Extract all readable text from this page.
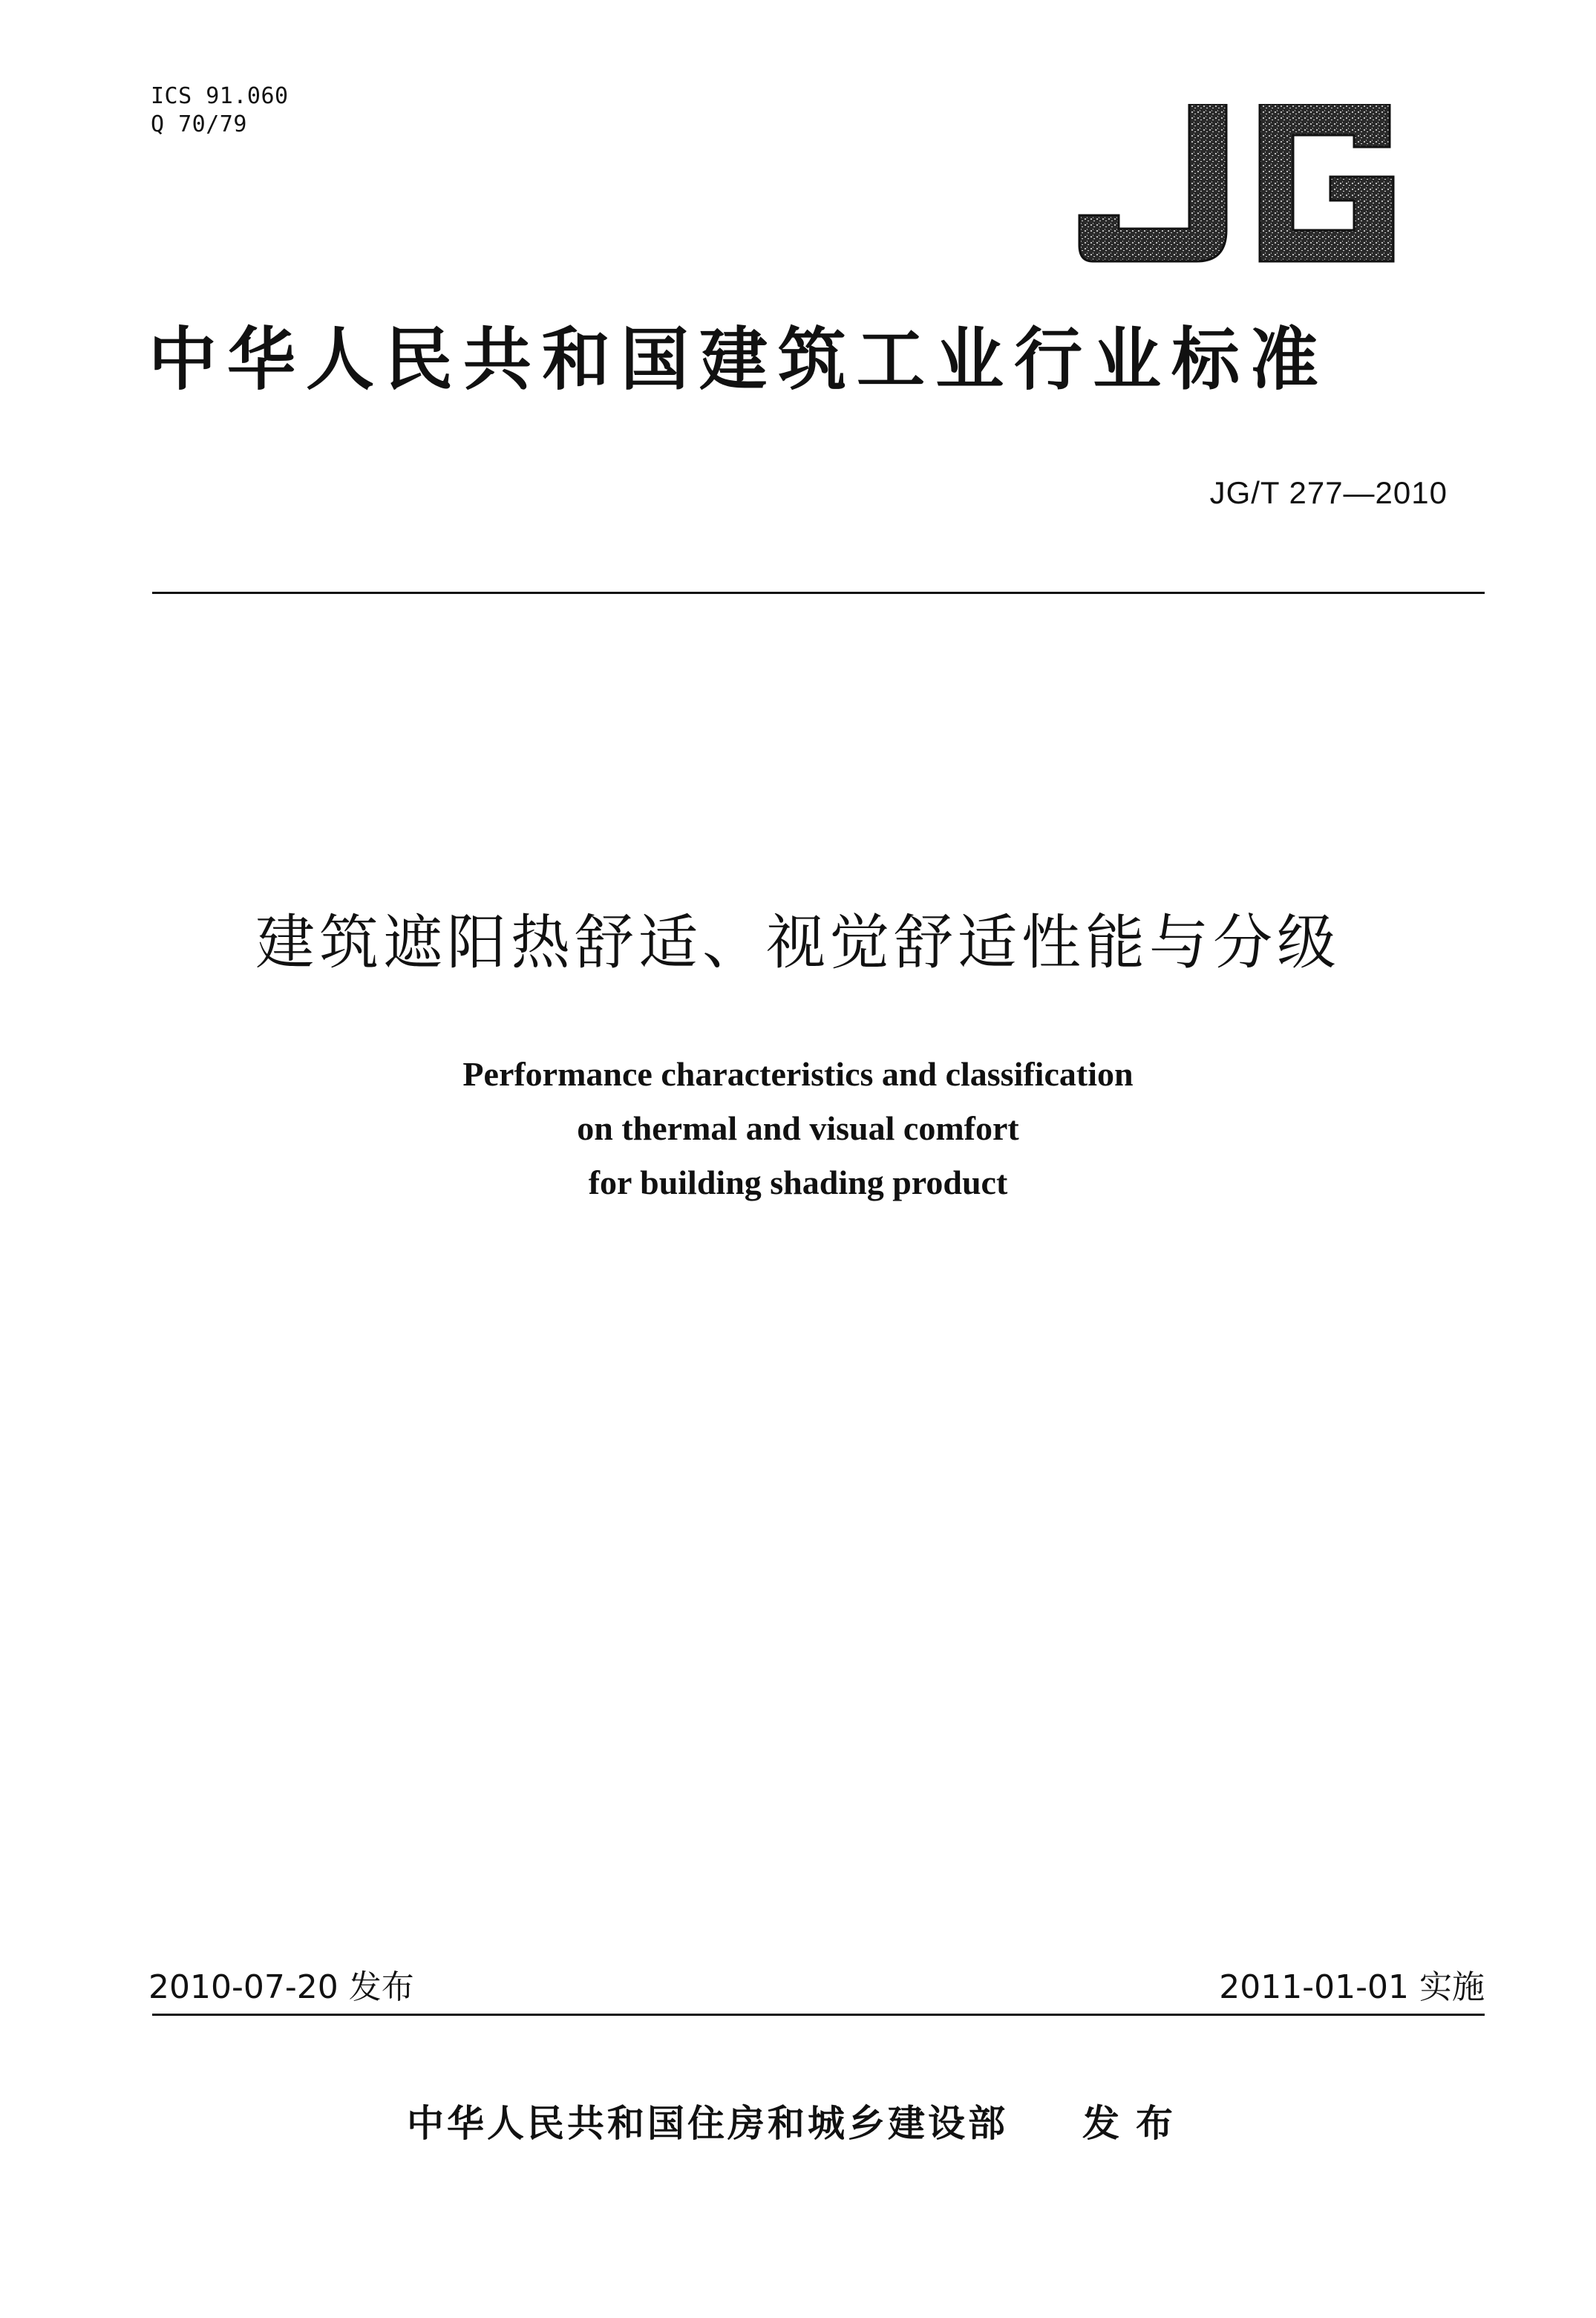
ICS 91.060
Q 70/79
中华人民共和国建筑工业行业标准
JG/T 277—2010
建筑遮阳热舒适、视觉舒适性能与分级
Performance characteristics and classification
on thermal and visual comfort
for building shading product
2010-07-20 发布	2011-01-01 实施
中华人民共和国住房和城乡建设部 发布
